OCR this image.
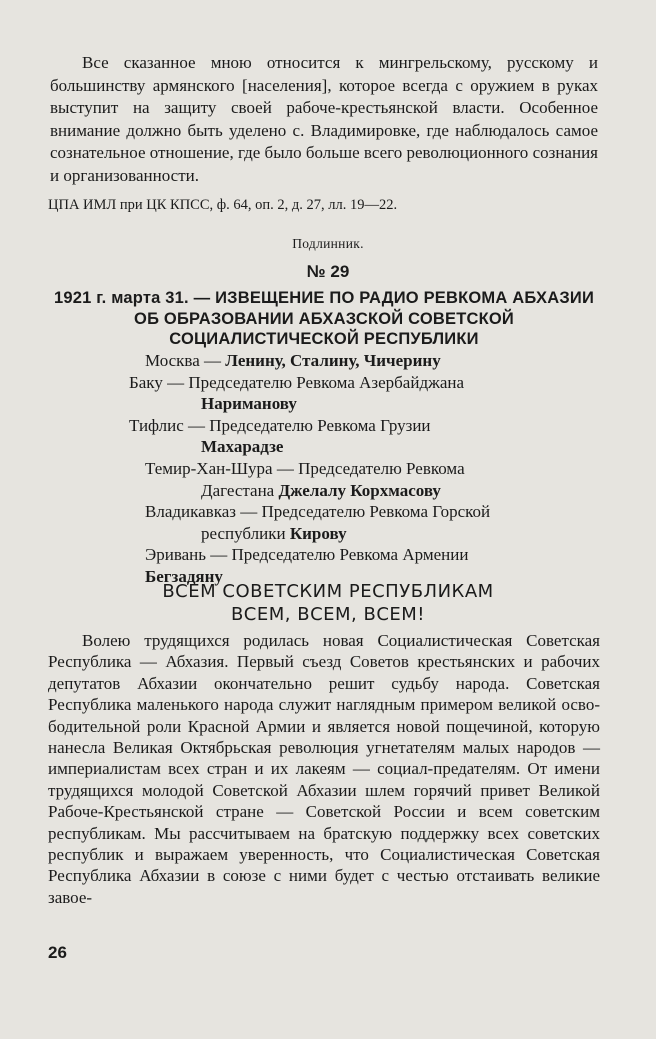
Все сказанное мною относится к мингрельскому, русскому и большинству армянского [населения], которое всегда с оружием в руках выступит на защиту своей рабоче-крестьянской власти. Особенное внимание должно быть уделено с. Владимировке, где наблюдалось самое сознательное отношение, где было больше всего революционного сознания и организованности.

ЦПА ИМЛ при ЦК КПСС, ф. 64, оп. 2, д. 27, лл. 19—22.

Подлинник.

№ 29

1921 г. марта 31. — ИЗВЕЩЕНИЕ ПО РАДИО РЕВКОМА АБХАЗИИ ОБ ОБРАЗОВАНИИ АБХАЗСКОЙ СОВЕТСКОЙ СОЦИАЛИСТИЧЕСКОЙ РЕСПУБЛИКИ

Москва — Ленину, Сталину, Чичерину
Баку — Председателю Ревкома Азербайджана
Нариманову
Тифлис — Председателю Ревкома Грузии
Махарадзе
Темир-Хан-Шура — Председателю Ревкома
Дагестана Джелалу Корхмасову
Владикавказ — Председателю Ревкома Горской
республики Кирову
Эривань — Председателю Ревкома Армении
Бегзадяну
ВСЕМ СОВЕТСКИМ РЕСПУБЛИКАМ
ВСЕМ, ВСЕМ, ВСЕМ!

Волею трудящихся родилась новая Социалистическая Советская Республика — Абхазия. Первый съезд Советов крестьянских и рабочих депутатов Абхазии окончательно решит судьбу народа. Советская Республика маленького народа служит наглядным примером великой освободительной роли Красной Армии и является новой пощечиной, которую нанесла Великая Октябрьская революция угнетателям малых народов — империалистам всех стран и их лакеям — социал-предателям. От имени трудящихся молодой Советской Абхазии шлем горячий привет Великой Рабоче-Крестьянской стране — Советской России и всем советским республикам. Мы рассчитываем на братскую поддержку всех советских республик и выражаем уверенность, что Социалистическая Советская Республика Абхазии в союзе с ними будет с честью отстаивать великие завое-

26
